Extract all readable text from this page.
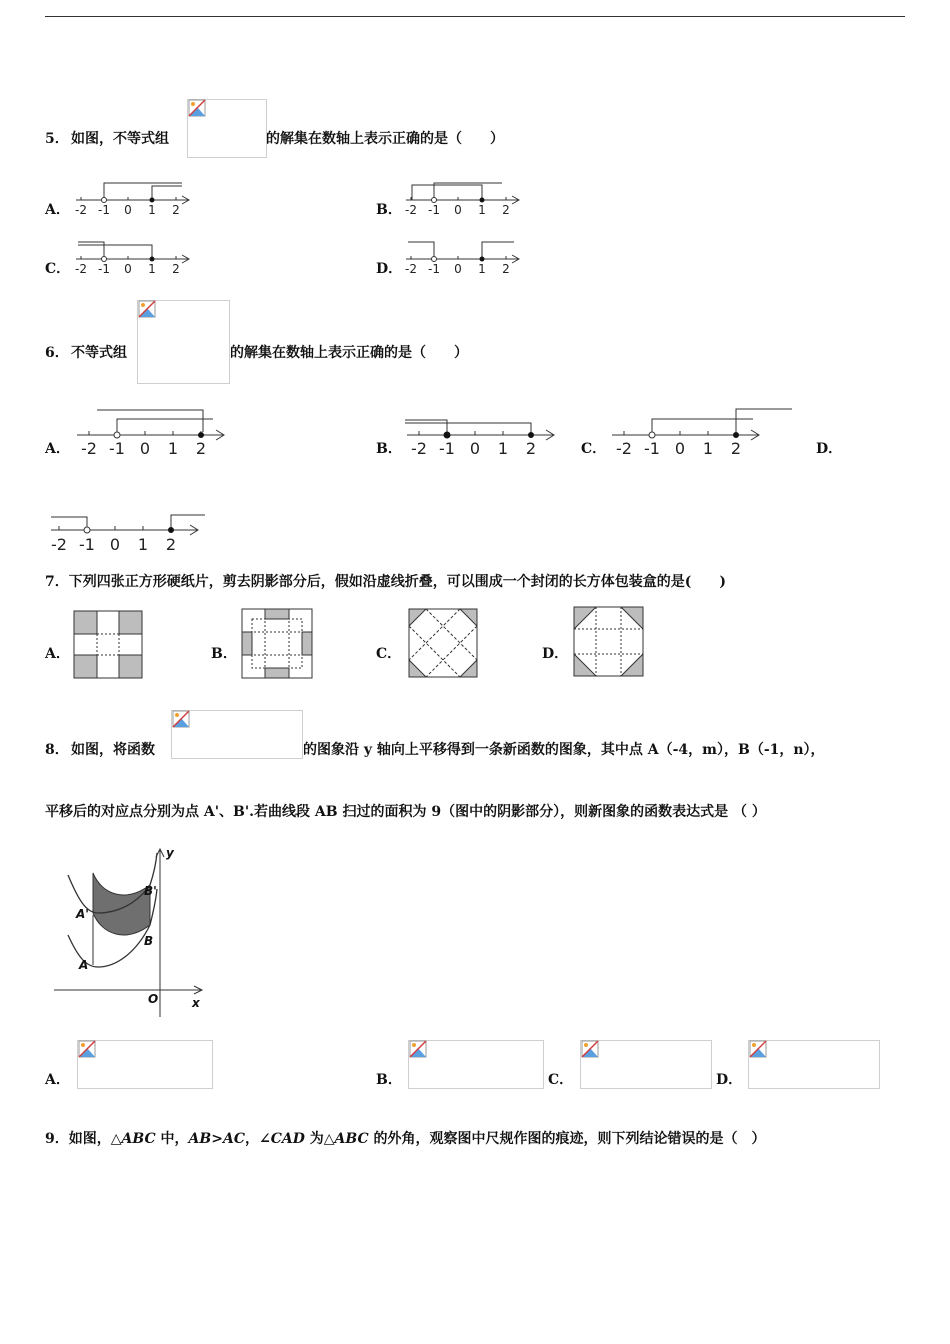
5． 如图，不等式组	的解集在数轴上表示正确的是（　　）
A． -2 -1 0 1 2	B． -2 -1 0 1 2
C． -2 -1 0 1 2	D． -2 -1 0 1 2
6． 不等式组	的解集在数轴上表示正确的是（　　）
A． -2 -1 0 1 2	B． -2 -1 0 1 2	C． -2 -1 0 1 2	D．
-2 -1 0 1 2
7．下列四张正方形硬纸片，剪去阴影部分后，假如沿虚线折叠，可以围成一个封闭的长方体包装盒的是(　　)
A．	B．	C．	D．
8． 如图，将函数	的图象沿 y 轴向上平移得到一条新函数的图象，其中点 A（-4，m），B（-1，n），
平移后的对应点分别为点 A'、B'.若曲线段 AB 扫过的面积为 9（图中的阴影部分），则新图象的函数表达式是 （ ）
y
x
O
A
A'
B
B'
A．	B．	C．	D．
9．如图，△ABC 中，AB>AC，∠CAD 为△ABC 的外角，观察图中尺规作图的痕迹，则下列结论错误的是（　）
